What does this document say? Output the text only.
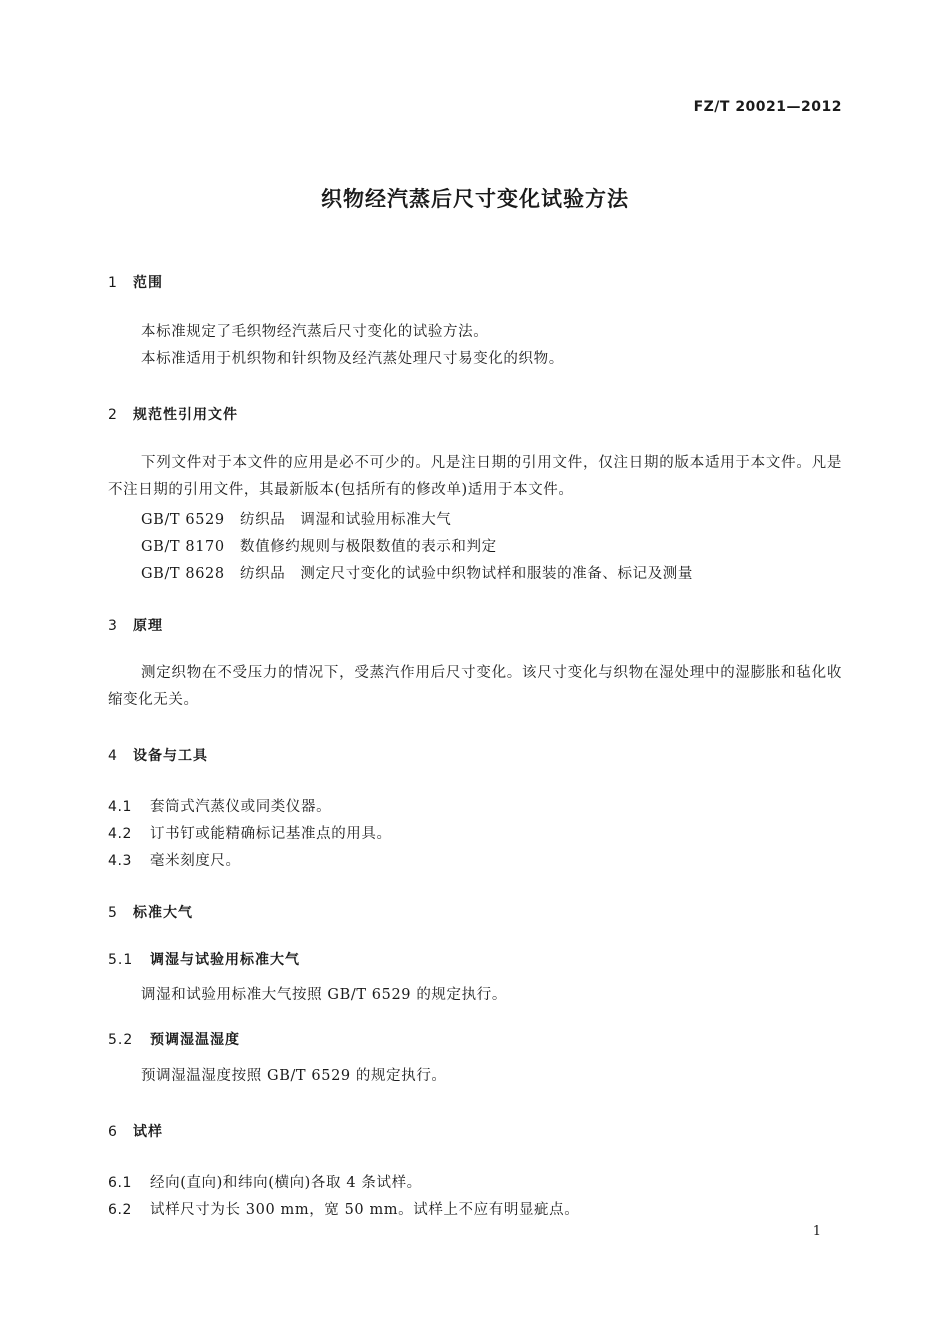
FZ/T 20021—2012
织物经汽蒸后尺寸变化试验方法
1 范围
本标准规定了毛织物经汽蒸后尺寸变化的试验方法。
本标准适用于机织物和针织物及经汽蒸处理尺寸易变化的织物。
2 规范性引用文件
下列文件对于本文件的应用是必不可少的。凡是注日期的引用文件，仅注日期的版本适用于本文件。凡是不注日期的引用文件，其最新版本(包括所有的修改单)适用于本文件。
GB/T 6529 纺织品　调湿和试验用标准大气
GB/T 8170 数值修约规则与极限数值的表示和判定
GB/T 8628 纺织品　测定尺寸变化的试验中织物试样和服装的准备、标记及测量
3 原理
测定织物在不受压力的情况下，受蒸汽作用后尺寸变化。该尺寸变化与织物在湿处理中的湿膨胀和毡化收缩变化无关。
4 设备与工具
4.1 套筒式汽蒸仪或同类仪器。
4.2 订书钉或能精确标记基准点的用具。
4.3 毫米刻度尺。
5 标准大气
5.1 调湿与试验用标准大气
调湿和试验用标准大气按照 GB/T 6529 的规定执行。
5.2 预调湿温湿度
预调湿温湿度按照 GB/T 6529 的规定执行。
6 试样
6.1 经向(直向)和纬向(横向)各取 4 条试样。
6.2 试样尺寸为长 300 mm，宽 50 mm。试样上不应有明显疵点。
1
